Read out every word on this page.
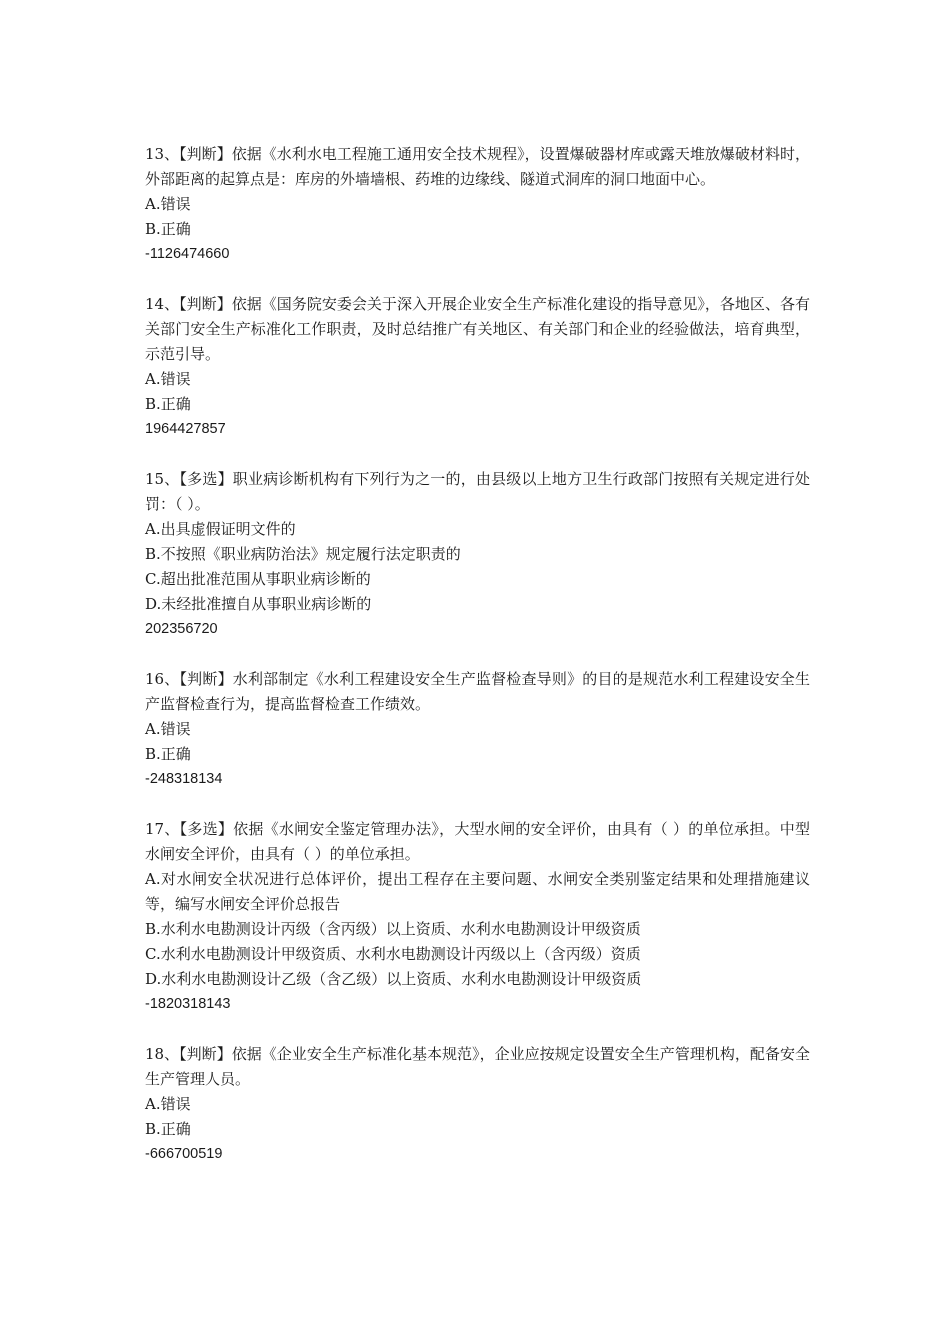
13、【判断】依据《水利水电工程施工通用安全技术规程》，设置爆破器材库或露天堆放爆破材料时，外部距离的起算点是：库房的外墙墙根、药堆的边缘线、隧道式洞库的洞口地面中心。
A.错误
B.正确
-1126474660
14、【判断】依据《国务院安委会关于深入开展企业安全生产标准化建设的指导意见》，各地区、各有关部门安全生产标准化工作职责，及时总结推广有关地区、有关部门和企业的经验做法，培育典型，示范引导。
A.错误
B.正确
1964427857
15、【多选】职业病诊断机构有下列行为之一的，由县级以上地方卫生行政部门按照有关规定进行处罚：（ ）。
A.出具虚假证明文件的
B.不按照《职业病防治法》规定履行法定职责的
C.超出批准范围从事职业病诊断的
D.未经批准擅自从事职业病诊断的
202356720
16、【判断】水利部制定《水利工程建设安全生产监督检查导则》的目的是规范水利工程建设安全生产监督检查行为，提高监督检查工作绩效。
A.错误
B.正确
-248318134
17、【多选】依据《水闸安全鉴定管理办法》，大型水闸的安全评价，由具有（ ）的单位承担。中型水闸安全评价，由具有（ ）的单位承担。
A.对水闸安全状况进行总体评价，提出工程存在主要问题、水闸安全类别鉴定结果和处理措施建议等，编写水闸安全评价总报告
B.水利水电勘测设计丙级（含丙级）以上资质、水利水电勘测设计甲级资质
C.水利水电勘测设计甲级资质、水利水电勘测设计丙级以上（含丙级）资质
D.水利水电勘测设计乙级（含乙级）以上资质、水利水电勘测设计甲级资质
-1820318143
18、【判断】依据《企业安全生产标准化基本规范》，企业应按规定设置安全生产管理机构，配备安全生产管理人员。
A.错误
B.正确
-666700519
